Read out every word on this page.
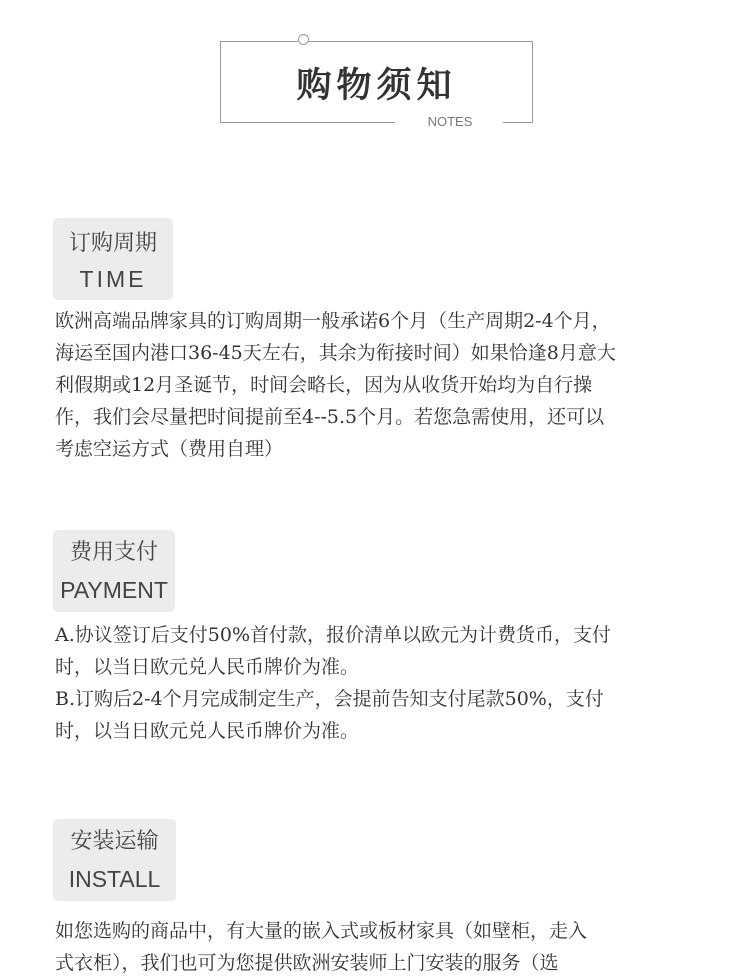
购物须知
NOTES
订购周期
TIME
欧洲高端品牌家具的订购周期一般承诺6个月（生产周期2-4个月，
海运至国内港口36-45天左右，其余为衔接时间）如果恰逢8月意大
利假期或12月圣诞节，时间会略长，因为从收货开始均为自行操
作，我们会尽量把时间提前至4--5.5个月。若您急需使用，还可以
考虑空运方式（费用自理）
费用支付
PAYMENT
A.协议签订后支付50%首付款，报价清单以欧元为计费货币，支付
时，以当日欧元兑人民币牌价为准。
B.订购后2-4个月完成制定生产，会提前告知支付尾款50%，支付
时，以当日欧元兑人民币牌价为准。
安装运输
INSTALL
如您选购的商品中，有大量的嵌入式或板材家具（如壁柜，走入
式衣柜），我们也可为您提供欧洲安装师上门安装的服务（选
